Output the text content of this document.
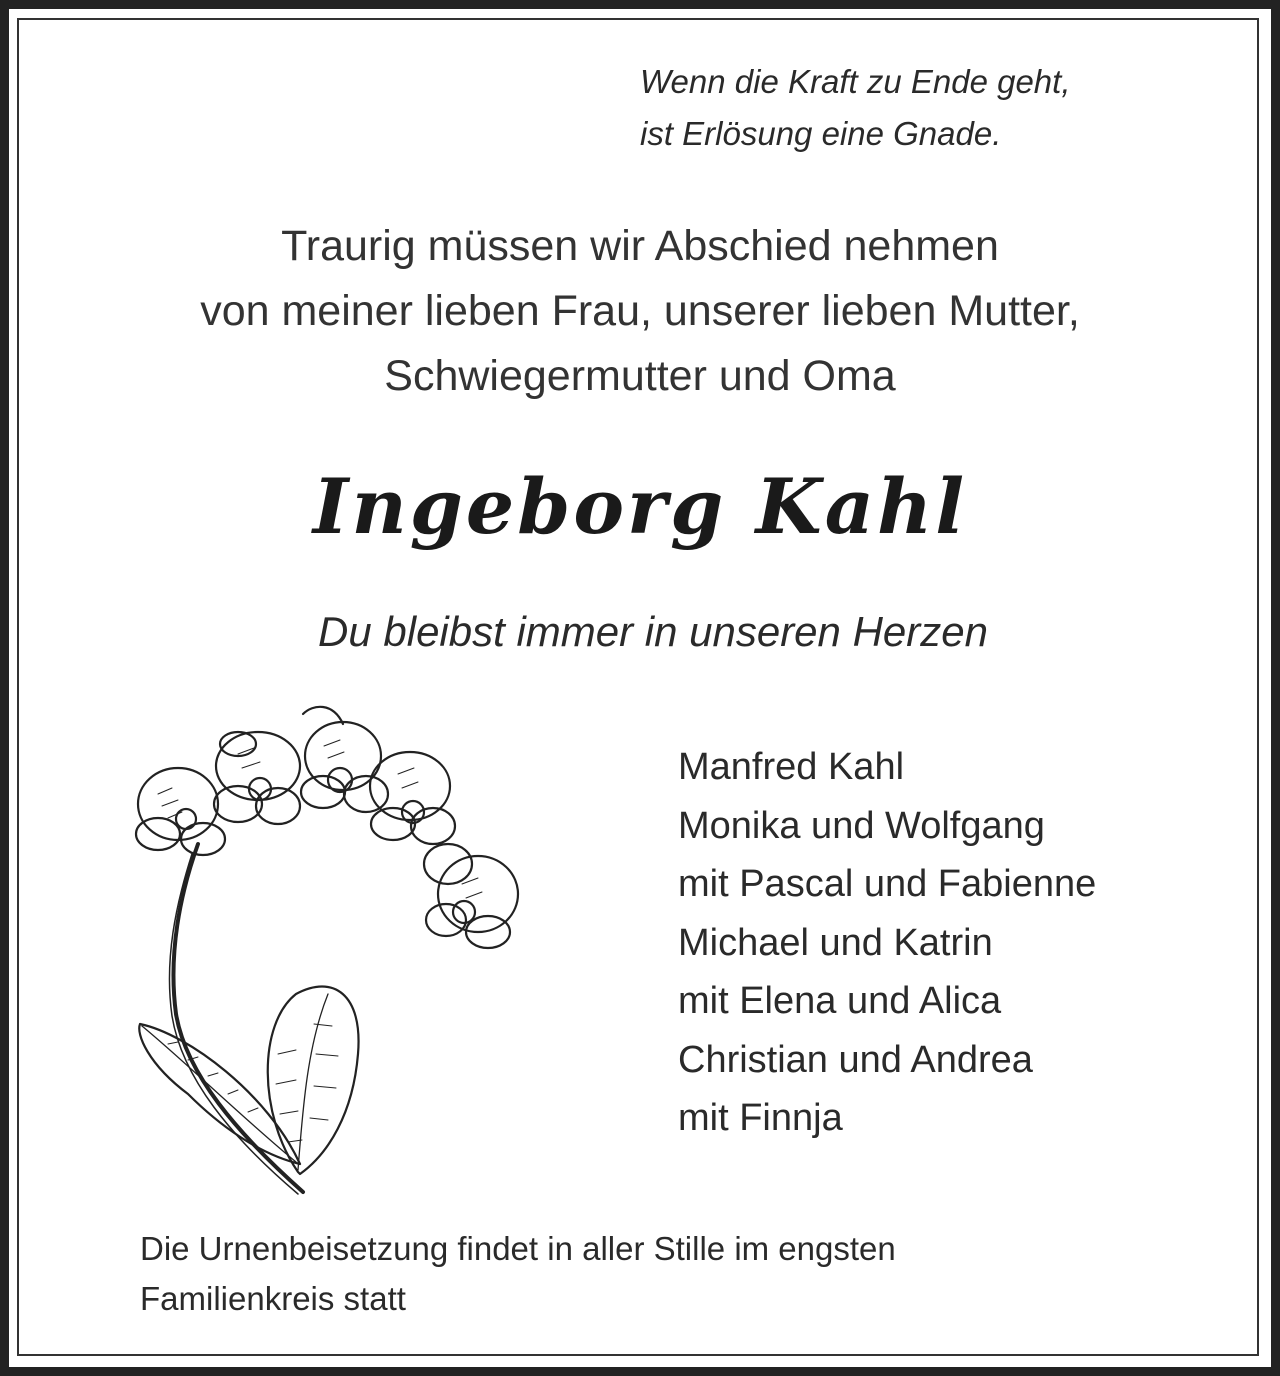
Wenn die Kraft zu Ende geht,
ist Erlösung eine Gnade.
Traurig müssen wir Abschied nehmen
von meiner lieben Frau, unserer lieben Mutter,
Schwiegermutter und Oma
Ingeborg Kahl
Du bleibst immer in unseren Herzen
Manfred Kahl
Monika und Wolfgang
mit Pascal und Fabienne
Michael und Katrin
mit Elena und Alica
Christian und Andrea
mit Finnja
Die Urnenbeisetzung findet in aller Stille im engsten
Familienkreis statt
